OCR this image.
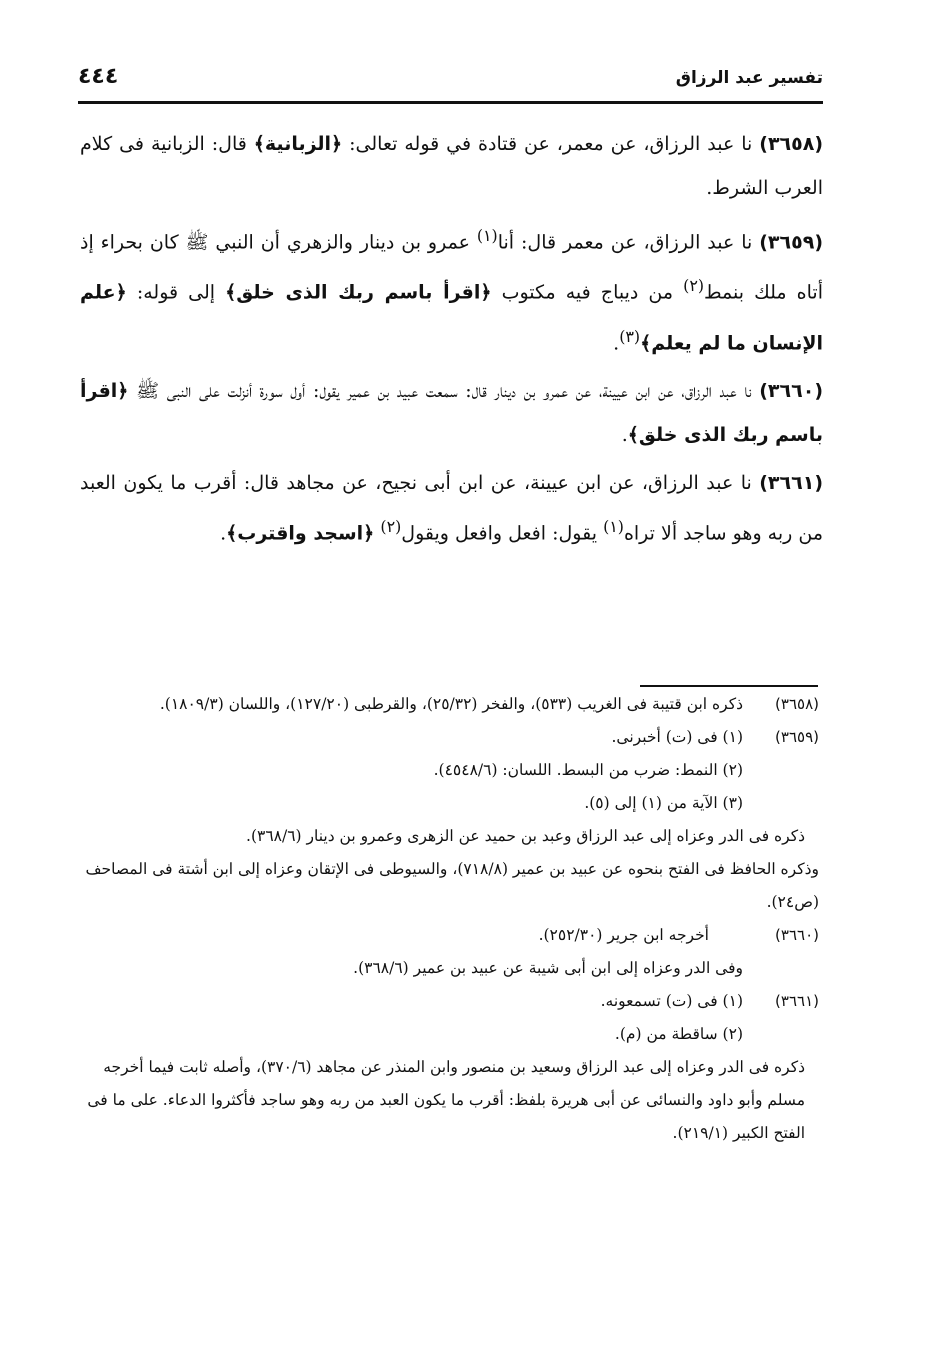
تفسير عبد الرزاق
٤٤٤

(٣٦٥٨) نا عبد الرزاق، عن معمر، عن قتادة في قوله تعالى: ﴿الزبانية﴾ قال: الزبانية فى كلام العرب الشرط.

(٣٦٥٩) نا عبد الرزاق، عن معمر قال: أنا$^{(١)}$ عمرو بن دينار والزهري أن النبي ﷺ كان بحراء إذ أتاه ملك بنمط$^{(٢)}$ من ديباج فيه مكتوب ﴿اقرأ باسم ربك الذى خلق﴾ إلى قوله: ﴿علم الإنسان ما لم يعلم﴾$^{(٣)}$.

(٣٦٦٠) نا عبد الرزاق، عن ابن عيينة، عن عمرو بن دينار قال: سمعت عبيد بن عمير يقول: أول سورة أنزلت على النبى ﷺ ﴿اقرأ باسم ربك الذى خلق﴾.

(٣٦٦١) نا عبد الرزاق، عن ابن عيينة، عن ابن أبى نجيح، عن مجاهد قال: أقرب ما يكون العبد من ربه وهو ساجد ألا تراه$^{(١)}$ يقول: افعل وافعل ويقول$^{(٢)}$ ﴿اسجد واقترب﴾.

(٣٦٥٨)ذكره ابن قتيبة فى الغريب (٥٣٣)، والفخر (٢٥/٣٢)، والقرطبى (١٢٧/٢٠)، واللسان (١٨٠٩/٣).
(٣٦٥٩)(١) فى (ت) أخبرنى.
(٢) النمط: ضرب من البسط. اللسان: (٤٥٤٨/٦).
(٣) الآية من (١) إلى (٥).
ذكره فى الدر وعزاه إلى عبد الرزاق وعبد بن حميد عن الزهرى وعمرو بن دينار (٣٦٨/٦).
وذكره الحافظ فى الفتح بنحوه عن عبيد بن عمير (٧١٨/٨)، والسيوطى فى الإتقان وعزاه إلى ابن أشتة فى المصاحف (ص٢٤).
(٣٦٦٠)أخرجه ابن جرير (٢٥٢/٣٠).
وفى الدر وعزاه إلى ابن أبى شيبة عن عبيد بن عمير (٣٦٨/٦).
(٣٦٦١)(١) فى (ت) تسمعونه.
(٢) ساقطة من (م).
ذكره فى الدر وعزاه إلى عبد الرزاق وسعيد بن منصور وابن المنذر عن مجاهد (٣٧٠/٦)، وأصله ثابت فيما أخرجه مسلم وأبو داود والنسائى عن أبى هريرة بلفظ: أقرب ما يكون العبد من ربه وهو ساجد فأكثروا الدعاء. على ما فى الفتح الكبير (٢١٩/١).
